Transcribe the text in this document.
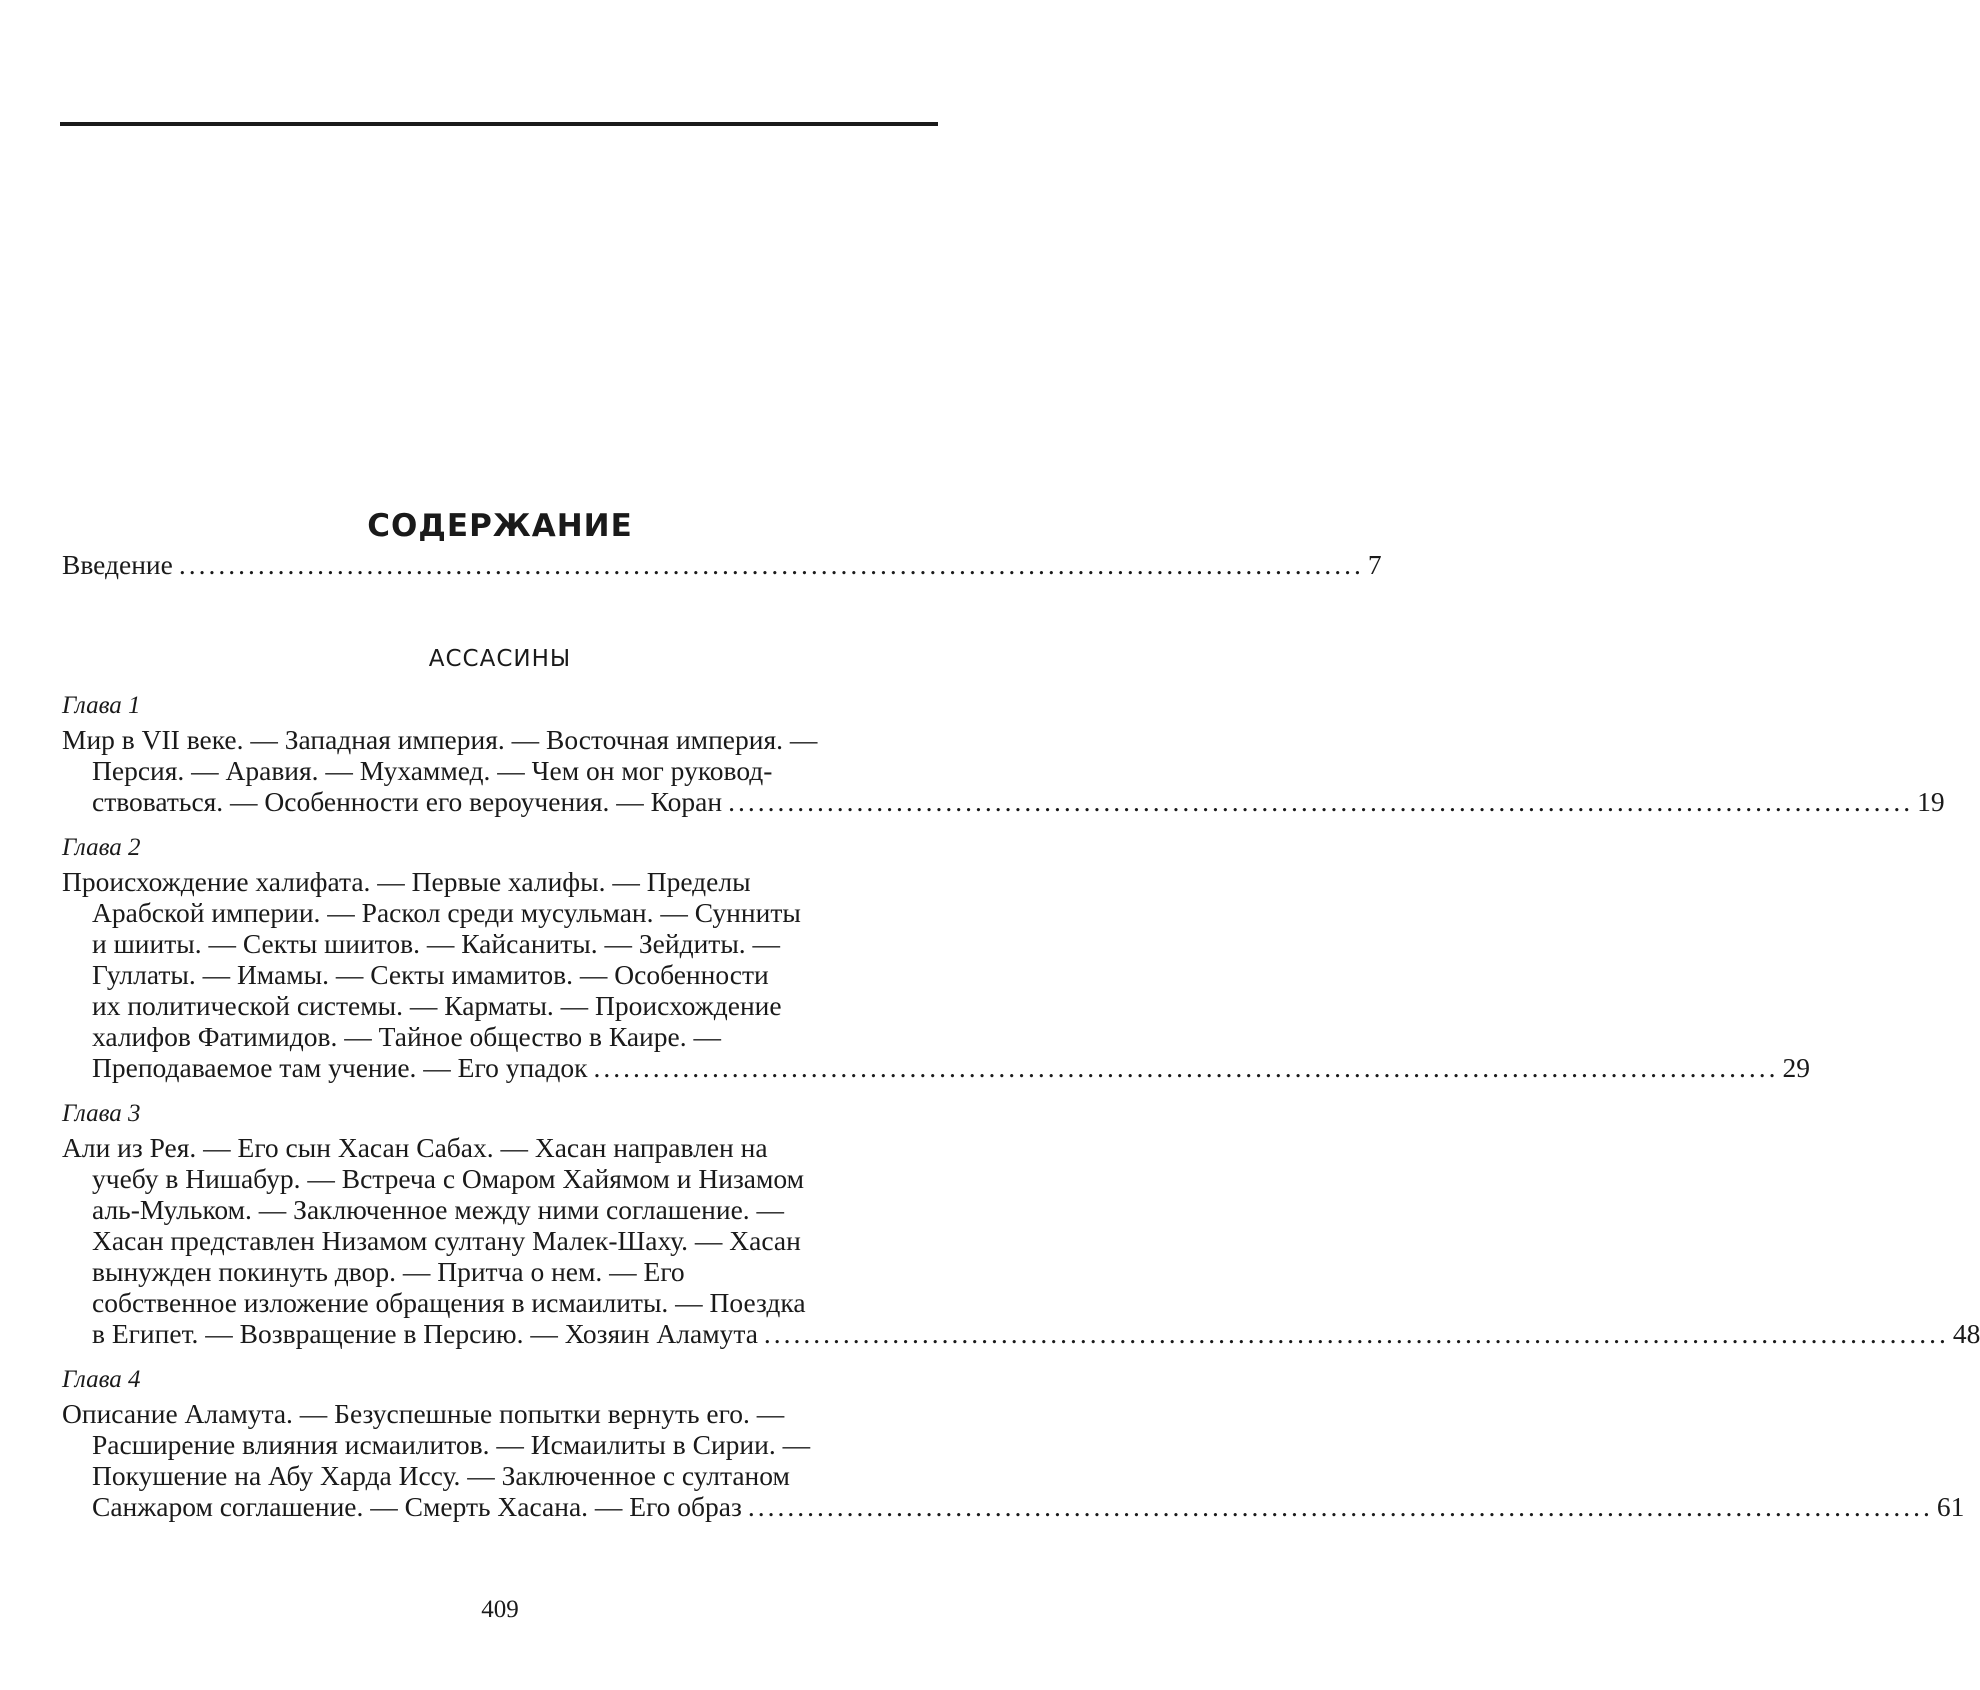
СОДЕРЖАНИЕ
Введение ........................................................................................................................ 7
АССАСИНЫ
Глава 1
Мир в VII веке. — Западная империя. — Восточная империя. —
Персия. — Аравия. — Мухаммед. — Чем он мог руковод-
ствоваться. — Особенности его вероучения. — Коран ........................................................................................................................ 19
Глава 2
Происхождение халифата. — Первые халифы. — Пределы
Арабской империи. — Раскол среди мусульман. — Сунниты
и шииты. — Секты шиитов. — Кайсаниты. — Зейдиты. —
Гуллаты. — Имамы. — Секты имамитов. — Особенности
их политической системы. — Карматы. — Происхождение
халифов Фатимидов. — Тайное общество в Каире. —
Преподаваемое там учение. — Его упадок ........................................................................................................................ 29
Глава 3
Али из Рея. — Его сын Хасан Сабах. — Хасан направлен на
учебу в Нишабур. — Встреча с Омаром Хайямом и Низамом
аль-Мульком. — Заключенное между ними соглашение. —
Хасан представлен Низамом султану Малек-Шаху. — Хасан
вынужден покинуть двор. — Притча о нем. — Его
собственное изложение обращения в исмаилиты. — Поездка
в Египет. — Возвращение в Персию. — Хозяин Аламута ........................................................................................................................ 48
Глава 4
Описание Аламута. — Безуспешные попытки вернуть его. —
Расширение влияния исмаилитов. — Исмаилиты в Сирии. —
Покушение на Абу Харда Иссу. — Заключенное с султаном
Санжаром соглашение. — Смерть Хасана. — Его образ ........................................................................................................................ 61
409
